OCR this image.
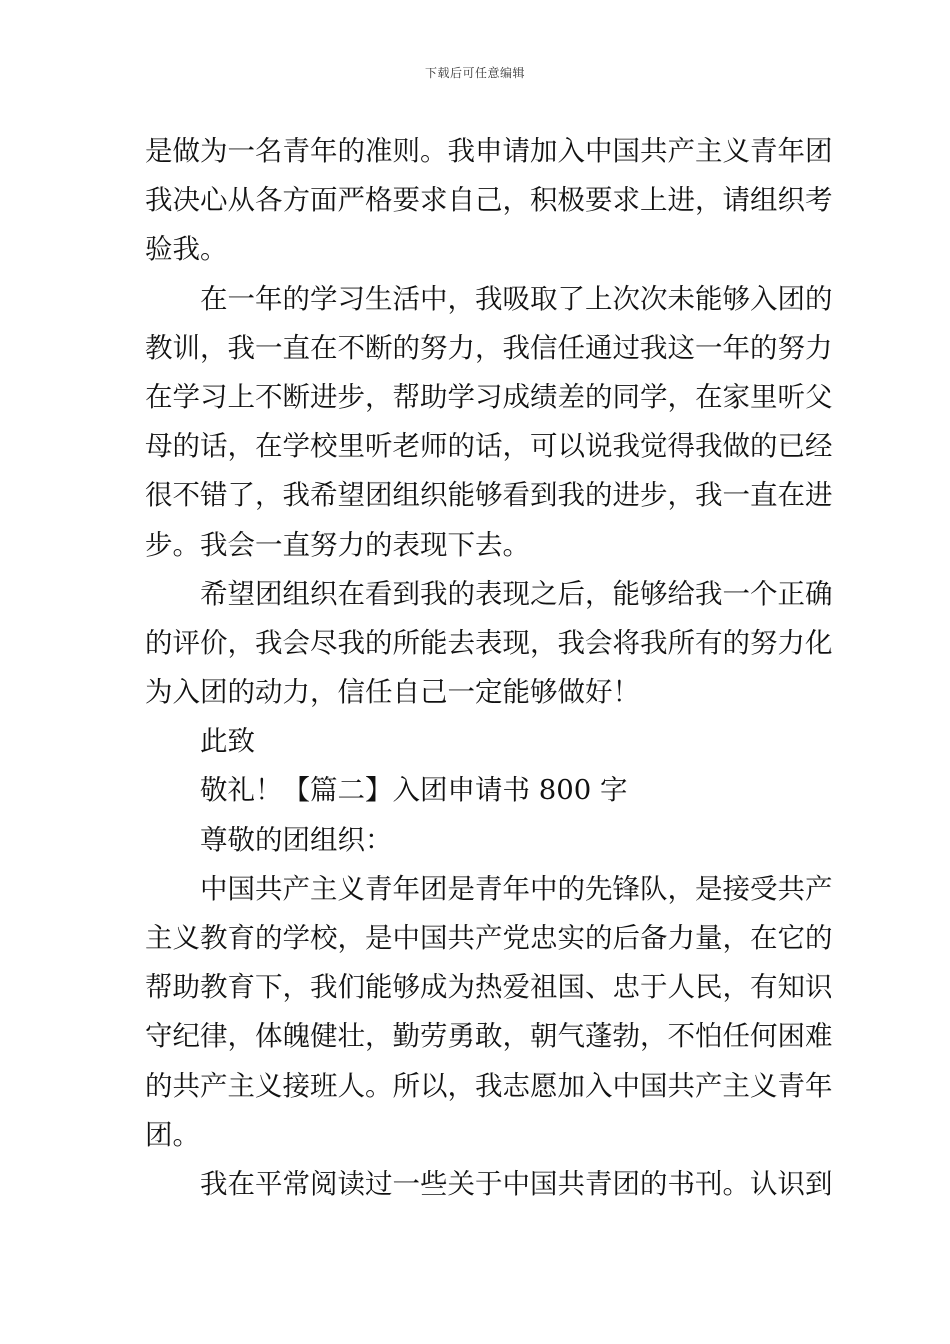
下载后可任意编辑
是做为一名青年的准则。我申请加入中国共产主义青年团
我决心从各方面严格要求自己，积极要求上进，请组织考
验我。
在一年的学习生活中，我吸取了上次次未能够入团的
教训，我一直在不断的努力，我信任通过我这一年的努力
在学习上不断进步，帮助学习成绩差的同学，在家里听父
母的话，在学校里听老师的话，可以说我觉得我做的已经
很不错了，我希望团组织能够看到我的进步，我一直在进
步。我会一直努力的表现下去。
希望团组织在看到我的表现之后，能够给我一个正确
的评价，我会尽我的所能去表现，我会将我所有的努力化
为入团的动力，信任自己一定能够做好！
此致
敬礼！【篇二】入团申请书 800 字
尊敬的团组织：
中国共产主义青年团是青年中的先锋队，是接受共产
主义教育的学校，是中国共产党忠实的后备力量，在它的
帮助教育下，我们能够成为热爱祖国、忠于人民，有知识
守纪律，体魄健壮，勤劳勇敢，朝气蓬勃，不怕任何困难
的共产主义接班人。所以，我志愿加入中国共产主义青年
团。
我在平常阅读过一些关于中国共青团的书刊。认识到
